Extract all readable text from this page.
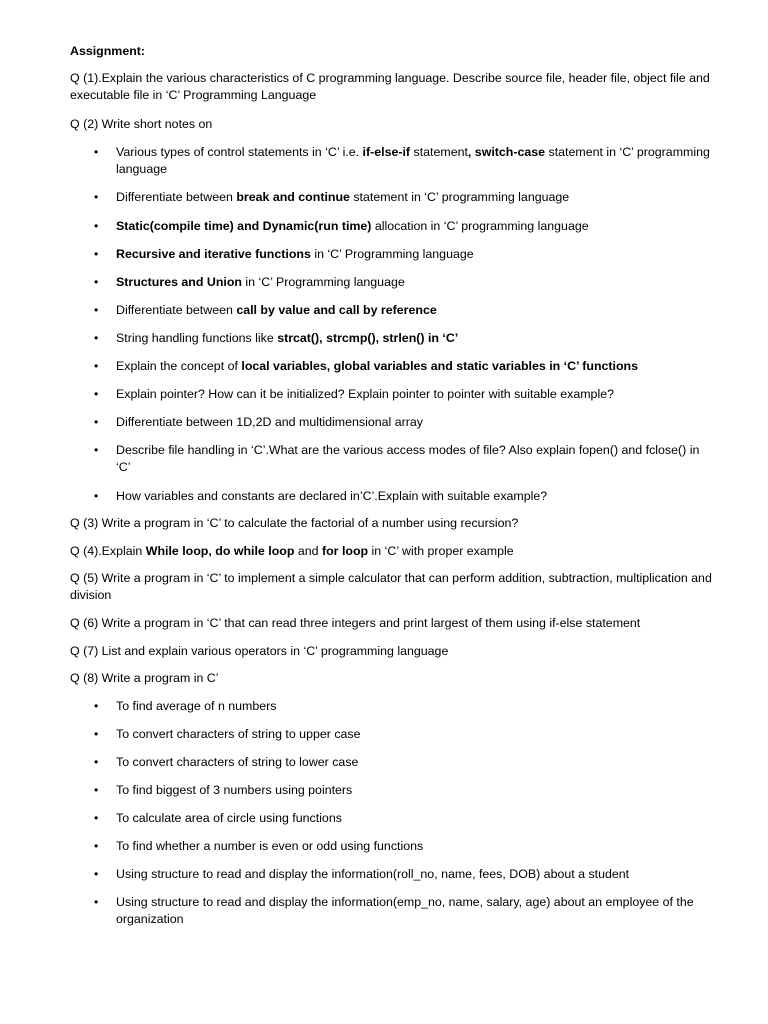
Assignment:
Q (1).Explain the various characteristics of C programming language. Describe source file, header file, object file and executable file in ‘C’ Programming Language
Q (2) Write short notes on
• Various types of control statements in ‘C’ i.e. if-else-if statement, switch-case statement in ‘C’ programming language
• Differentiate between break and continue statement in ‘C’ programming language
• Static(compile time) and Dynamic(run time) allocation in ‘C’ programming language
• Recursive and iterative functions in ‘C’ Programming language
• Structures and Union in ‘C’ Programming language
• Differentiate between call by value and call by reference
• String handling functions like strcat(), strcmp(), strlen() in ‘C’
• Explain the concept of local variables, global variables and static variables in ‘C’ functions
• Explain pointer? How can it be initialized? Explain pointer to pointer with suitable example?
• Differentiate between 1D,2D and multidimensional array
• Describe file handling in ‘C’.What are the various access modes of file? Also explain fopen() and fclose() in ‘C’
• How variables and constants are declared in’C’.Explain with suitable example?
Q (3) Write a program in ‘C’ to calculate the factorial of a number using recursion?
Q (4).Explain While loop, do while loop and for loop in ‘C’ with proper example
Q (5) Write a program in ‘C’ to implement a simple calculator that can perform addition, subtraction, multiplication and division
Q (6) Write a program in ‘C’ that can read three integers and print largest of them using if-else statement
Q (7) List and explain various operators in ‘C’ programming language
Q (8) Write a program in C’
• To find average of n numbers
• To convert characters of string to upper case
• To convert characters of string to lower case
• To find biggest of 3 numbers using pointers
• To calculate area of circle using functions
• To find whether a number is even or odd using functions
• Using structure to read and display the information(roll_no, name, fees, DOB) about a student
• Using structure to read and display the information(emp_no, name, salary, age) about an employee of the organization
